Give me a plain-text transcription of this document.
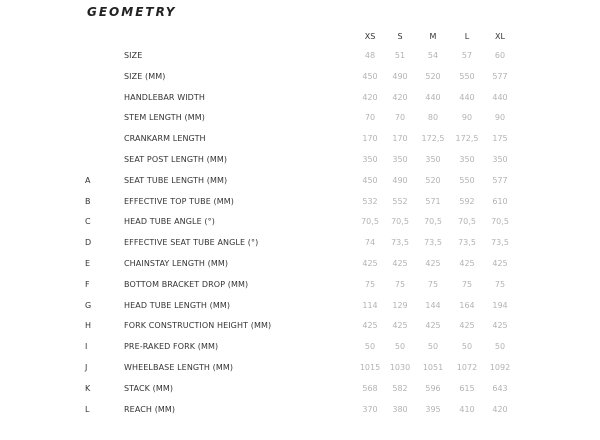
GEOMETRY
XS	S	M	L	XL
SIZE	48	51	54	57	60
SIZE (MM)	450	490	520	550	577
HANDLEBAR WIDTH	420	420	440	440	440
STEM LENGTH (MM)	70	70	80	90	90
CRANKARM LENGTH	170	170	172,5	172,5	175
SEAT POST LENGTH (MM)	350	350	350	350	350
A	SEAT TUBE LENGTH (MM)	450	490	520	550	577
B	EFFECTIVE TOP TUBE (MM)	532	552	571	592	610
C	HEAD TUBE ANGLE (°)	70,5	70,5	70,5	70,5	70,5
D	EFFECTIVE SEAT TUBE ANGLE (°)	74	73,5	73,5	73,5	73,5
E	CHAINSTAY LENGTH (MM)	425	425	425	425	425
F	BOTTOM BRACKET DROP (MM)	75	75	75	75	75
G	HEAD TUBE LENGTH (MM)	114	129	144	164	194
H	FORK CONSTRUCTION HEIGHT (MM)	425	425	425	425	425
I	PRE-RAKED FORK (MM)	50	50	50	50	50
J	WHEELBASE LENGTH (MM)	1015	1030	1051	1072	1092
K	STACK (MM)	568	582	596	615	643
L	REACH (MM)	370	380	395	410	420
